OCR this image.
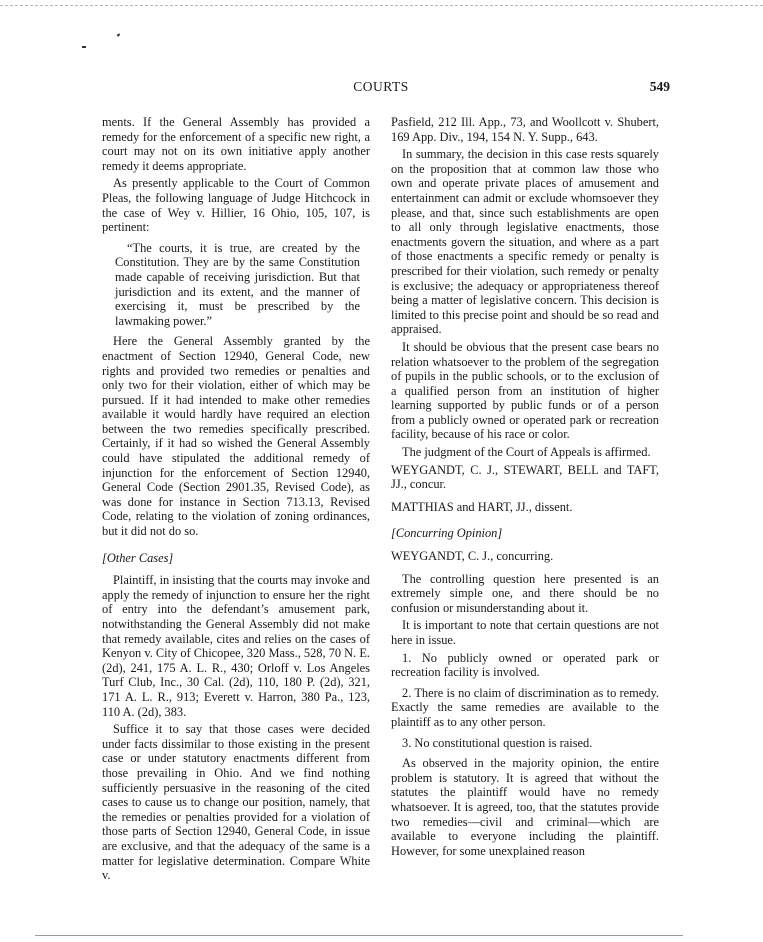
COURTS	549

ments. If the General Assembly has provided a remedy for the enforcement of a specific new right, a court may not on its own initiative apply another remedy it deems appropriate.

As presently applicable to the Court of Common Pleas, the following language of Judge Hitchcock in the case of Wey v. Hillier, 16 Ohio, 105, 107, is pertinent:

“The courts, it is true, are created by the Constitution. They are by the same Constitution made capable of receiving jurisdiction. But that jurisdiction and its extent, and the manner of exercising it, must be prescribed by the lawmaking power.”

Here the General Assembly granted by the enactment of Section 12940, General Code, new rights and provided two remedies or penalties and only two for their violation, either of which may be pursued. If it had intended to make other remedies available it would hardly have required an election between the two remedies specifically prescribed. Certainly, if it had so wished the General Assembly could have stipulated the additional remedy of injunction for the enforcement of Section 12940, General Code (Section 2901.35, Revised Code), as was done for instance in Section 713.13, Revised Code, relating to the violation of zoning ordinances, but it did not do so.

[Other Cases]

Plaintiff, in insisting that the courts may invoke and apply the remedy of injunction to ensure her the right of entry into the defendant’s amusement park, notwithstanding the General Assembly did not make that remedy available, cites and relies on the cases of Kenyon v. City of Chicopee, 320 Mass., 528, 70 N. E. (2d), 241, 175 A. L. R., 430; Orloff v. Los Angeles Turf Club, Inc., 30 Cal. (2d), 110, 180 P. (2d), 321, 171 A. L. R., 913; Everett v. Harron, 380 Pa., 123, 110 A. (2d), 383.

Suffice it to say that those cases were decided under facts dissimilar to those existing in the present case or under statutory enactments different from those prevailing in Ohio. And we find nothing sufficiently persuasive in the reasoning of the cited cases to cause us to change our position, namely, that the remedies or penalties provided for a violation of those parts of Section 12940, General Code, in issue are exclusive, and that the adequacy of the same is a matter for legislative determination. Compare White v.

Pasfield, 212 Ill. App., 73, and Woollcott v. Shubert, 169 App. Div., 194, 154 N. Y. Supp., 643.

In summary, the decision in this case rests squarely on the proposition that at common law those who own and operate private places of amusement and entertainment can admit or exclude whomsoever they please, and that, since such establishments are open to all only through legislative enactments, those enactments govern the situation, and where as a part of those enactments a specific remedy or penalty is prescribed for their violation, such remedy or penalty is exclusive; the adequacy or appropriateness thereof being a matter of legislative concern. This decision is limited to this precise point and should be so read and appraised.

It should be obvious that the present case bears no relation whatsoever to the problem of the segregation of pupils in the public schools, or to the exclusion of a qualified person from an institution of higher learning supported by public funds or of a person from a publicly owned or operated park or recreation facility, because of his race or color.

The judgment of the Court of Appeals is affirmed.

WEYGANDT, C. J., STEWART, BELL and TAFT, JJ., concur.

MATTHIAS and HART, JJ., dissent.

[Concurring Opinion]

WEYGANDT, C. J., concurring.

The controlling question here presented is an extremely simple one, and there should be no confusion or misunderstanding about it.

It is important to note that certain questions are not here in issue.

1. No publicly owned or operated park or recreation facility is involved.

2. There is no claim of discrimination as to remedy. Exactly the same remedies are available to the plaintiff as to any other person.

3. No constitutional question is raised.

As observed in the majority opinion, the entire problem is statutory. It is agreed that without the statutes the plaintiff would have no remedy whatsoever. It is agreed, too, that the statutes provide two remedies—civil and criminal—which are available to everyone including the plaintiff. However, for some unexplained reason
